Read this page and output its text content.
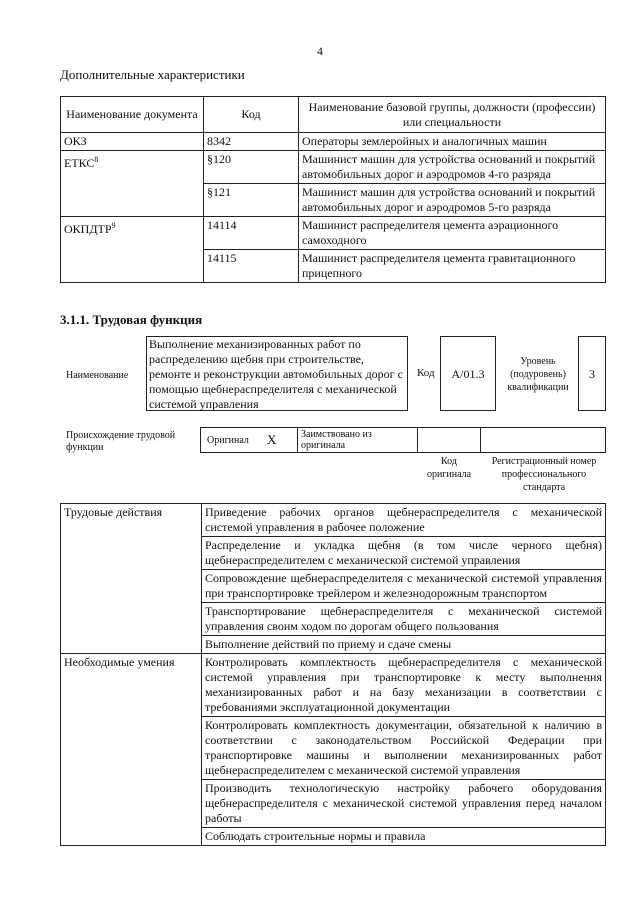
4
Дополнительные характеристики
Наименование документа	Код	Наименование базовой группы, должности (профессии) или специальности
ОКЗ	8342	Операторы землеройных и аналогичных машин
ЕТКС$^8$	§120	Машинист машин для устройства оснований и покрытий автомобильных дорог и аэродромов 4-го разряда
	§121	Машинист машин для устройства оснований и покрытий автомобильных дорог и аэродромов 5-го разряда
ОКПДТР$^9$	14114	Машинист распределителя цемента аэрационного самоходного
	14115	Машинист распределителя цемента гравитационного прицепного
3.1.1. Трудовая функция
Наименование
Выполнение механизированных работ по распределению щебня при строительстве, ремонте и реконструкции автомобильных дорог с помощью щебнераспределителя с механической системой управления
Код	А/01.3
Уровень (подуровень) квалификации
3
Происхождение трудовой функции
Оригинал X Заимствовано из оригинала
Код оригинала
Регистрационный номер профессионального стандарта
Трудовые действия	Приведение рабочих органов щебнераспределителя с механической системой управления в рабочее положение
	Распределение и укладка щебня (в том числе черного щебня) щебнераспределителем с механической системой управления
	Сопровождение щебнераспределителя с механической системой управления при транспортировке трейлером и железнодорожным транспортом
	Транспортирование щебнераспределителя с механической системой управления своим ходом по дорогам общего пользования
	Выполнение действий по приему и сдаче смены
Необходимые умения	Контролировать комплектность щебнераспределителя с механической системой управления при транспортировке к месту выполнения механизированных работ и на базу механизации в соответствии с требованиями эксплуатационной документации
	Контролировать комплектность документации, обязательной к наличию в соответствии с законодательством Российской Федерации при транспортировке машины и выполнении механизированных работ щебнераспределителем с механической системой управления
	Производить технологическую настройку рабочего оборудования щебнераспределителя с механической системой управления перед началом работы
	Соблюдать строительные нормы и правила
